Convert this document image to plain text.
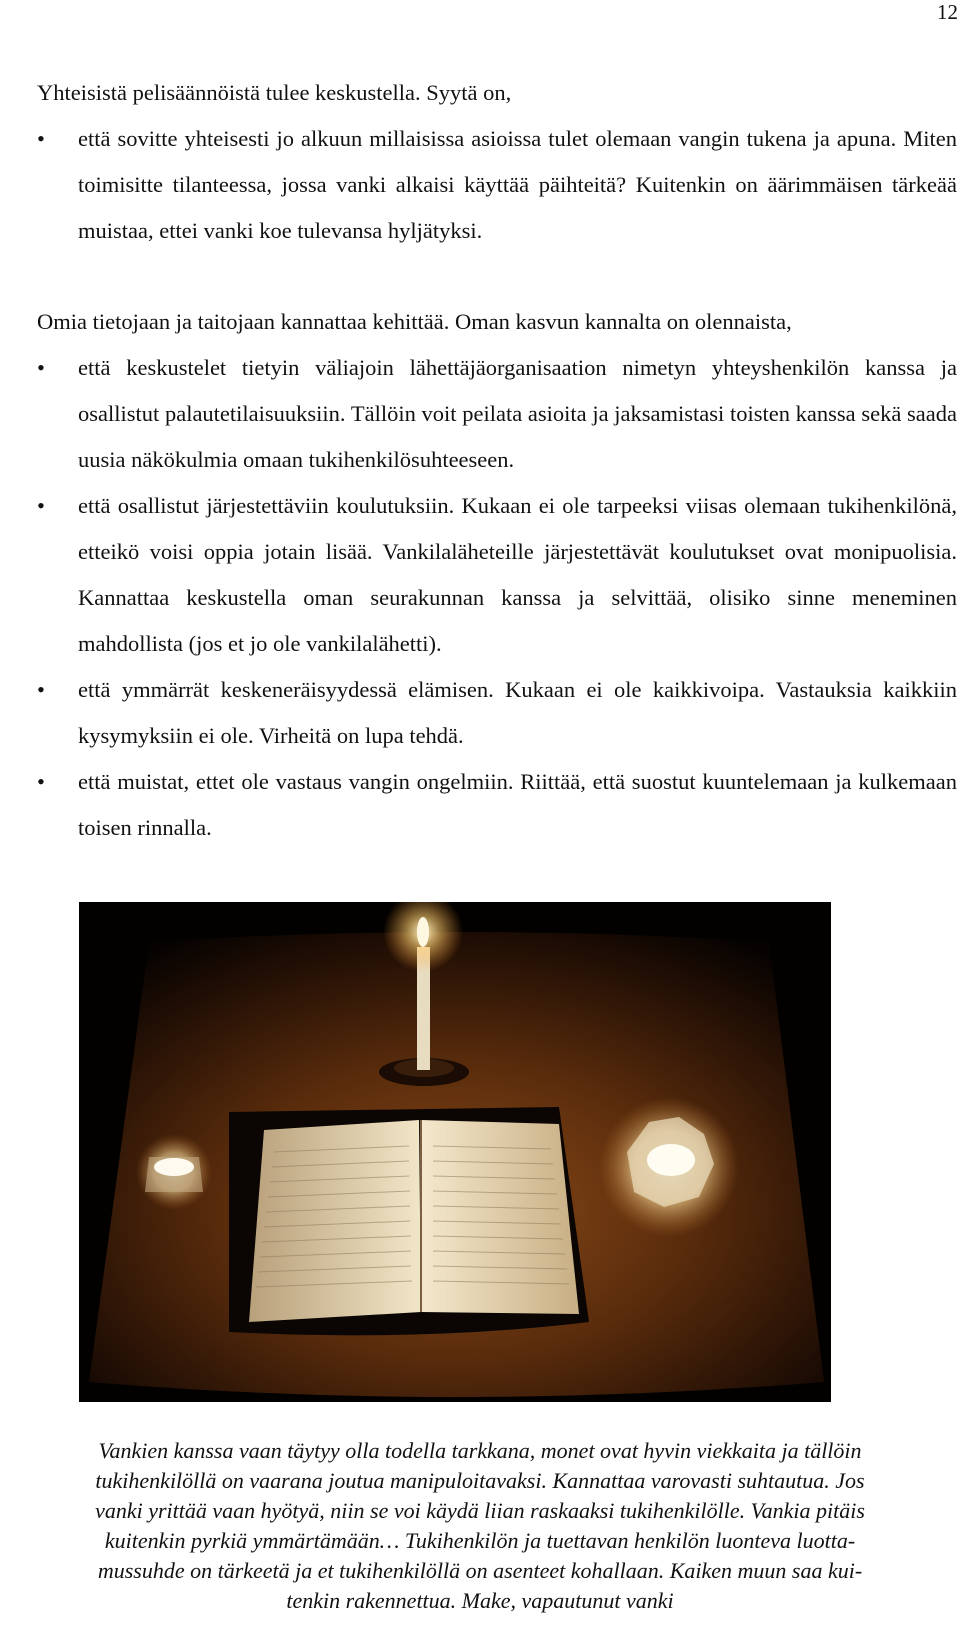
12

Yhteisistä pelisäännöistä tulee keskustella. Syytä on,

• että sovitte yhteisesti jo alkuun millaisissa asioissa tulet olemaan vangin tukena ja apuna. Miten toimisitte tilanteessa, jossa vanki alkaisi käyttää päihteitä? Kuitenkin on äärimmäisen tärkeää muistaa, ettei vanki koe tulevansa hyljätyksi.

Omia tietojaan ja taitojaan kannattaa kehittää. Oman kasvun kannalta on olennaista,

• että keskustelet tietyin väliajoin lähettäjäorganisaation nimetyn yhteyshenkilön kanssa ja osallistut palautetilaisuuksiin. Tällöin voit peilata asioita ja jaksamistasi toisten kanssa sekä saada uusia näkökulmia omaan tukihenkilösuhteeseen.
• että osallistut järjestettäviin koulutuksiin. Kukaan ei ole tarpeeksi viisas olemaan tukihenkilönä, etteikö voisi oppia jotain lisää. Vankilaläheteille järjestettävät koulutukset ovat monipuolisia. Kannattaa keskustella oman seurakunnan kanssa ja selvittää, olisiko sinne meneminen mahdollista (jos et jo ole vankilalähetti).
• että ymmärrät keskeneräisyydessä elämisen. Kukaan ei ole kaikkivoipa. Vastauksia kaikkiin kysymyksiin ei ole. Virheitä on lupa tehdä.
• että muistat, ettet ole vastaus vangin ongelmiin. Riittää, että suostut kuuntelemaan ja kulkemaan toisen rinnalla.
Vankien kanssa vaan täytyy olla todella tarkkana, monet ovat hyvin viekkaita ja tällöin
tukihenkilöllä on vaarana joutua manipuloitavaksi. Kannattaa varovasti suhtautua. Jos
vanki yrittää vaan hyötyä, niin se voi käydä liian raskaaksi tukihenkilölle. Vankia pitäis
kuitenkin pyrkiä ymmärtämään… Tukihenkilön ja tuettavan henkilön luonteva luotta-
mussuhde on tärkeetä ja et tukihenkilöllä on asenteet kohallaan. Kaiken muun saa kui-
tenkin rakennettua. Make, vapautunut vanki
